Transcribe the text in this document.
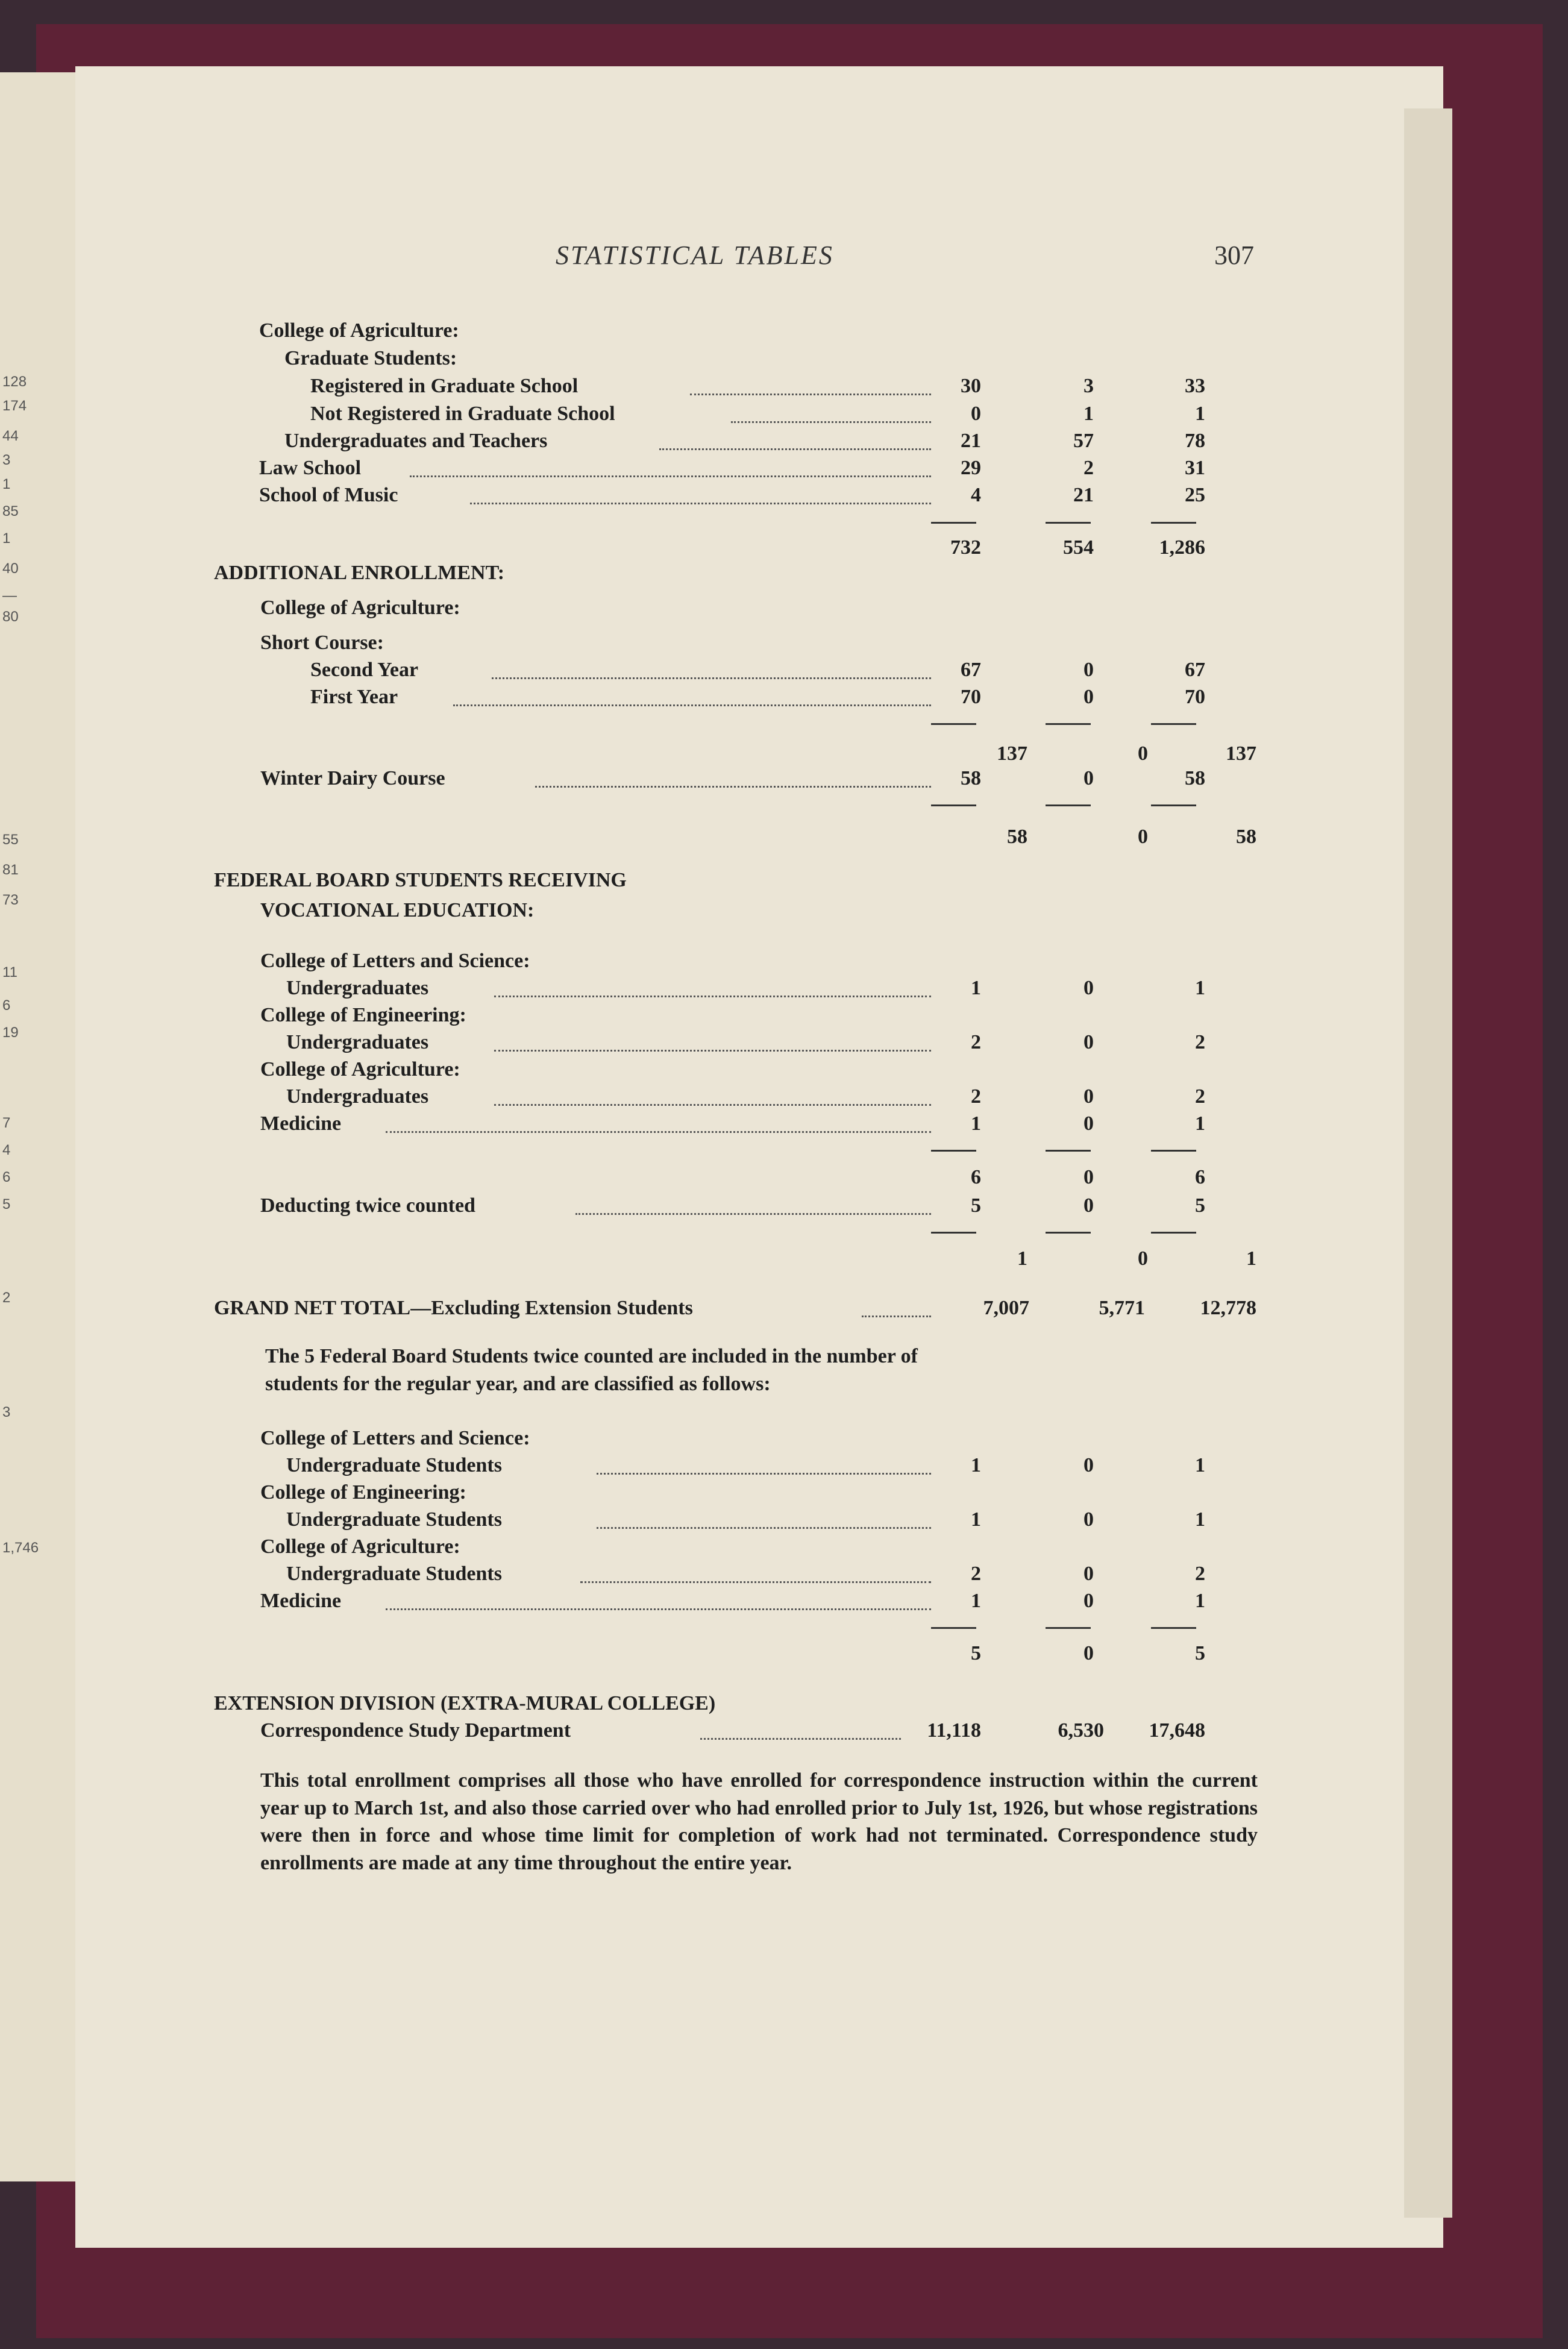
128
174
44
3
1
85
1
40
—
80
55
81
73
11
6
19
7
4
6
5
2
3
1,746
STATISTICAL TABLES	307
The 5 Federal Board Students twice counted are included in the number of students for the regular year, and are classified as follows:
This total enrollment comprises all those who have enrolled for correspondence instruction within the current year up to March 1st, and also those carried over who had enrolled prior to July 1st, 1926, but whose registrations were then in force and whose time limit for completion of work had not terminated. Correspondence study enrollments are made at any time throughout the entire year.
College of Agriculture:
Graduate Students:
Registered in Graduate School	30	3	33
Not Registered in Graduate School	0	1	1
Undergraduates and Teachers	21	57	78
Law School	29	2	31
School of Music	4	21	25
732	554	1,286
ADDITIONAL ENROLLMENT:
College of Agriculture:
Short Course:
Second Year	67	0	67
First Year	70	0	70
137	0	137
Winter Dairy Course	58	0	58
58	0	58
FEDERAL BOARD STUDENTS RECEIVING
VOCATIONAL EDUCATION:
College of Letters and Science:
Undergraduates	1	0	1
College of Engineering:
Undergraduates	2	0	2
College of Agriculture:
Undergraduates	2	0	2
Medicine	1	0	1
6	0	6
Deducting twice counted	5	0	5
1	0	1
GRAND NET TOTAL—Excluding Extension Students	7,007	5,771	12,778
College of Letters and Science:
Undergraduate Students	1	0	1
College of Engineering:
Undergraduate Students	1	0	1
College of Agriculture:
Undergraduate Students	2	0	2
Medicine	1	0	1
5	0	5
EXTENSION DIVISION (EXTRA-MURAL COLLEGE)
Correspondence Study Department	11,118	6,530	17,648
